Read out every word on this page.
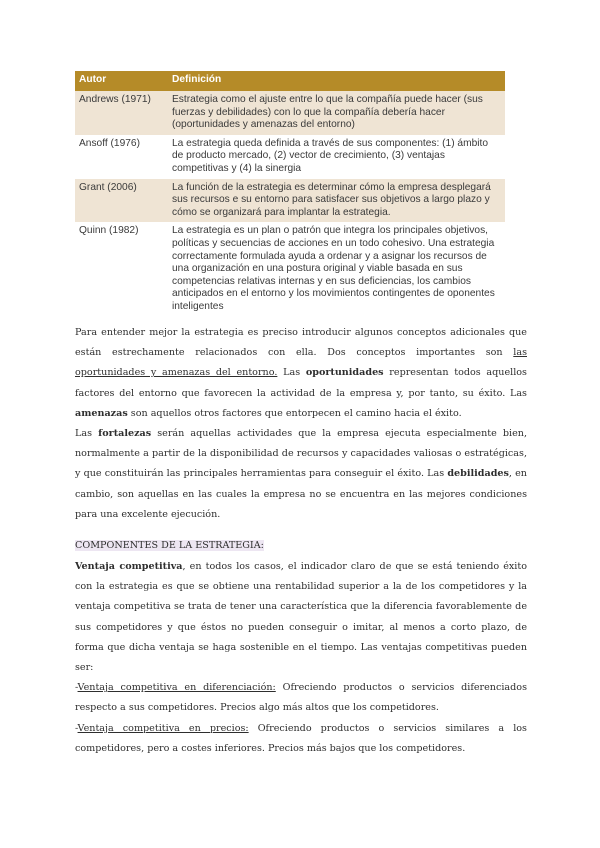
Autor	Definición
Andrews (1971)	Estrategia como el ajuste entre lo que la compañía puede hacer (sus fuerzas y debilidades) con lo que la compañía debería hacer (oportunidades y amenazas del entorno)
Ansoff (1976)	La estrategia queda definida a través de sus componentes: (1) ámbito de producto mercado, (2) vector de crecimiento, (3) ventajas competitivas y (4) la sinergia
Grant (2006)	La función de la estrategia es determinar cómo la empresa desplegará sus recursos e su entorno para satisfacer sus objetivos a largo plazo y cómo se organizará para implantar la estrategia.
Quinn (1982)	La estrategia es un plan o patrón que integra los principales objetivos, políticas y secuencias de acciones en un todo cohesivo. Una estrategia correctamente formulada ayuda a ordenar y a asignar los recursos de una organización en una postura original y viable basada en sus competencias relativas internas y en sus deficiencias, los cambios anticipados en el entorno y los movimientos contingentes de oponentes inteligentes

Para entender mejor la estrategia es preciso introducir algunos conceptos adicionales que están estrechamente relacionados con ella. Dos conceptos importantes son las oportunidades y amenazas del entorno. Las oportunidades representan todos aquellos factores del entorno que favorecen la actividad de la empresa y, por tanto, su éxito. Las amenazas son aquellos otros factores que entorpecen el camino hacia el éxito.

Las fortalezas serán aquellas actividades que la empresa ejecuta especialmente bien, normalmente a partir de la disponibilidad de recursos y capacidades valiosas o estratégicas, y que constituirán las principales herramientas para conseguir el éxito. Las debilidades, en cambio, son aquellas en las cuales la empresa no se encuentra en las mejores condiciones para una excelente ejecución.

COMPONENTES DE LA ESTRATEGIA:

Ventaja competitiva, en todos los casos, el indicador claro de que se está teniendo éxito con la estrategia es que se obtiene una rentabilidad superior a la de los competidores y la ventaja competitiva se trata de tener una característica que la diferencia favorablemente de sus competidores y que éstos no pueden conseguir o imitar, al menos a corto plazo, de forma que dicha ventaja se haga sostenible en el tiempo. Las ventajas competitivas pueden ser:

-Ventaja competitiva en diferenciación: Ofreciendo productos o servicios diferenciados respecto a sus competidores. Precios algo más altos que los competidores.

-Ventaja competitiva en precios: Ofreciendo productos o servicios similares a los competidores, pero a costes inferiores. Precios más bajos que los competidores.
